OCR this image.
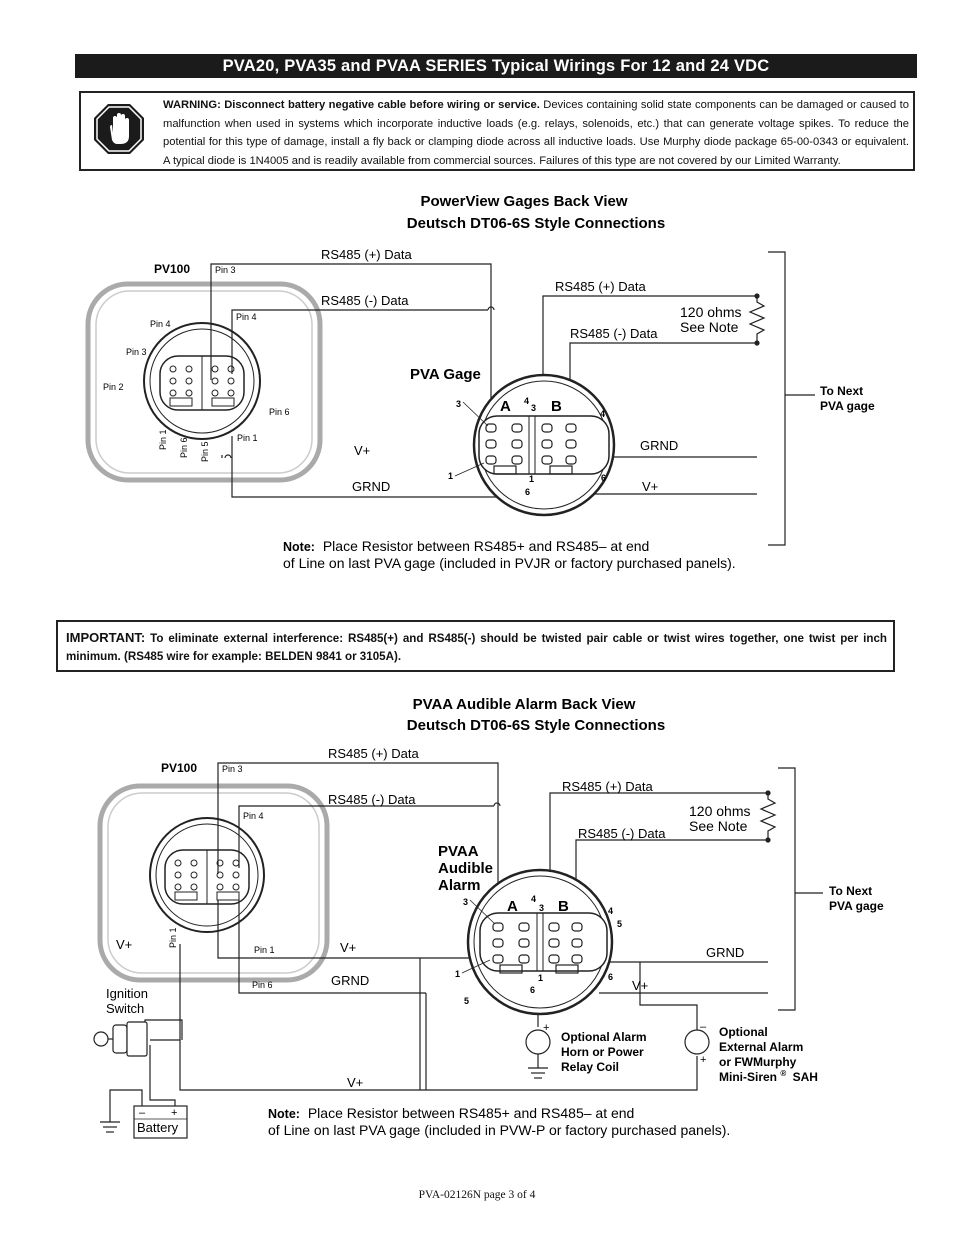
PVA20, PVA35 and PVAA SERIES Typical Wirings For 12 and 24 VDC
WARNING: Disconnect battery negative cable before wiring or service. Devices containing solid state components can be damaged or caused to malfunction when used in systems which incorporate inductive loads (e.g. relays, solenoids, etc.) that can generate voltage spikes. To reduce the potential for this type of damage, install a fly back or clamping diode across all inductive loads. Use Murphy diode package 65-00-0343 or equivalent. A typical diode is 1N4005 and is readily available from commercial sources. Failures of this type are not covered by our Limited Warranty.
PowerView Gages Back View
Deutsch DT06-6S Style Connections
PV100	Pin 3
Pin 4
Pin 4
Pin 3
Pin 2
Pin 6
Pin 1
Pin 1 Pin 6 Pin 5
RS485 (+) Data
RS485 (-) Data
RS485 (+) Data
RS485 (-) Data
V+
GRND
GRND
V+
120 ohms
See Note
PVA Gage
A	B
3	4
3
4
1	1
6
6
To Next
PVA gage
Note: Place Resistor between RS485+ and RS485– at end
of Line on last PVA gage (included in PVJR or factory purchased panels).
IMPORTANT: To eliminate external interference: RS485(+) and RS485(-) should be twisted pair cable or twist wires together, one twist per inch minimum. (RS485 wire for example: BELDEN 9841 or 3105A).
PVAA Audible Alarm Back View
Deutsch DT06-6S Style Connections
PV100	Pin 3
Pin 4
Pin 1
Pin 6
Pin 1
V+
– +
Battery
Ignition
Switch
RS485 (+) Data
RS485 (-) Data
RS485 (+) Data
RS485 (-) Data
V+
GRND
GRND
V+
V+
120 ohms
See Note
PVAA
Audible
Alarm
A	B
3	4
3	4
5
1
5
1
6
6
+
Optional Alarm
Horn or Power
Relay Coil
–
+
Optional
External Alarm
or FWMurphy
Mini-Siren ® SAH
To Next
PVA gage
Note: Place Resistor between RS485+ and RS485– at end
of Line on last PVA gage (included in PVW-P or factory purchased panels).
PVA-02126N page 3 of 4
